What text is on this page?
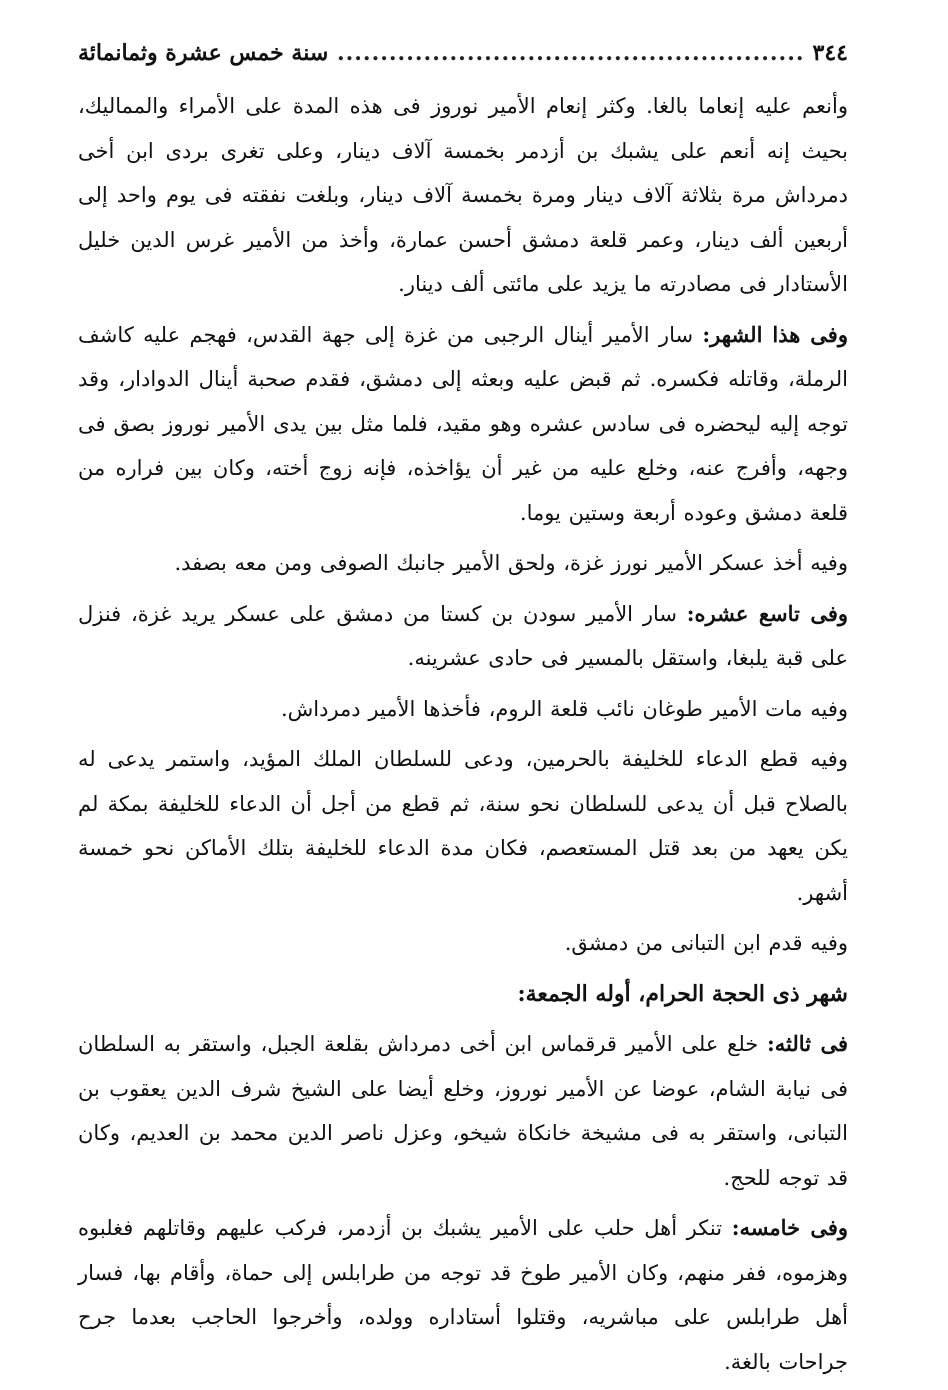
٣٤٤
.....
سنة خمس عشرة وثمانمائة

وأنعم عليه إنعاما بالغا. وكثر إنعام الأمير نوروز فى هذه المدة على الأمراء والمماليك، بحيث إنه أنعم على يشبك بن أزدمر بخمسة آلاف دينار، وعلى تغرى بردى ابن أخى دمرداش مرة بثلاثة آلاف دينار ومرة بخمسة آلاف دينار، وبلغت نفقته فى يوم واحد إلى أربعين ألف دينار، وعمر قلعة دمشق أحسن عمارة، وأخذ من الأمير غرس الدين خليل الأستادار فى مصادرته ما يزيد على مائتى ألف دينار.

وفى هذا الشهر: سار الأمير أينال الرجبى من غزة إلى جهة القدس، فهجم عليه كاشف الرملة، وقاتله فكسره. ثم قبض عليه وبعثه إلى دمشق، فقدم صحبة أينال الدوادار، وقد توجه إليه ليحضره فى سادس عشره وهو مقيد، فلما مثل بين يدى الأمير نوروز بصق فى وجهه، وأفرج عنه، وخلع عليه من غير أن يؤاخذه، فإنه زوج أخته، وكان بين فراره من قلعة دمشق وعوده أربعة وستين يوما.

وفيه أخذ عسكر الأمير نورز غزة، ولحق الأمير جانبك الصوفى ومن معه بصفد.

وفى تاسع عشره: سار الأمير سودن بن كستا من دمشق على عسكر يريد غزة، فنزل على قبة يلبغا، واستقل بالمسير فى حادى عشرينه.

وفيه مات الأمير طوغان نائب قلعة الروم، فأخذها الأمير دمرداش.

وفيه قطع الدعاء للخليفة بالحرمين، ودعى للسلطان الملك المؤيد، واستمر يدعى له بالصلاح قبل أن يدعى للسلطان نحو سنة، ثم قطع من أجل أن الدعاء للخليفة بمكة لم يكن يعهد من بعد قتل المستعصم، فكان مدة الدعاء للخليفة بتلك الأماكن نحو خمسة أشهر.

وفيه قدم ابن التبانى من دمشق.

شهر ذى الحجة الحرام، أوله الجمعة:

فى ثالثه: خلع على الأمير قرقماس ابن أخى دمرداش بقلعة الجبل، واستقر به السلطان فى نيابة الشام، عوضا عن الأمير نوروز، وخلع أيضا على الشيخ شرف الدين يعقوب بن التبانى، واستقر به فى مشيخة خانكاة شيخو، وعزل ناصر الدين محمد بن العديم، وكان قد توجه للحج.

وفى خامسه: تنكر أهل حلب على الأمير يشبك بن أزدمر، فركب عليهم وقاتلهم فغلبوه وهزموه، ففر منهم، وكان الأمير طوخ قد توجه من طرابلس إلى حماة، وأقام بها، فسار أهل طرابلس على مباشريه، وقتلوا أستاداره وولده، وأخرجوا الحاجب بعدما جرح جراحات بالغة.
